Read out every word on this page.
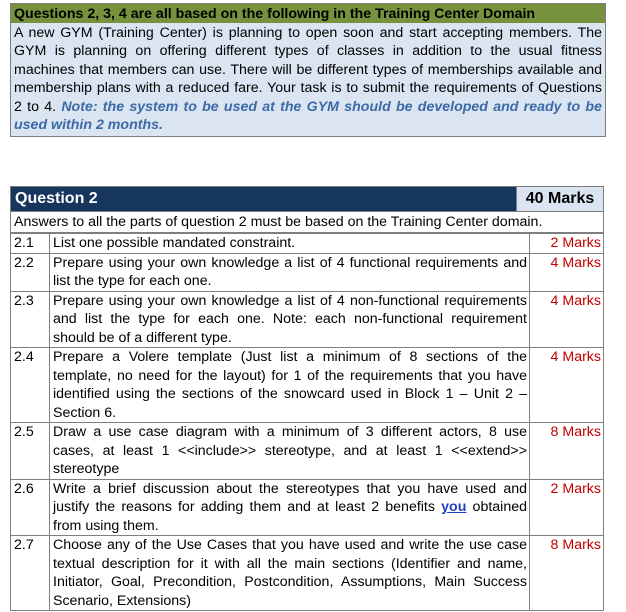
Questions 2, 3, 4 are all based on the following in the Training Center Domain
A new GYM (Training Center) is planning to open soon and start accepting members. The GYM is planning on offering different types of classes in addition to the usual fitness machines that members can use. There will be different types of memberships available and membership plans with a reduced fare. Your task is to submit the requirements of Questions 2 to 4. Note: the system to be used at the GYM should be developed and ready to be used within 2 months.
Question 2	40 Marks
Answers to all the parts of question 2 must be based on the Training Center domain.
2.1	List one possible mandated constraint.	2 Marks
2.2	Prepare using your own knowledge a list of 4 functional requirements and list the type for each one.	4 Marks
2.3	Prepare using your own knowledge a list of 4 non-functional requirements and list the type for each one. Note: each non-functional requirement should be of a different type.	4 Marks
2.4	Prepare a Volere template (Just list a minimum of 8 sections of the template, no need for the layout) for 1 of the requirements that you have identified using the sections of the snowcard used in Block 1 – Unit 2 – Section 6.	4 Marks
2.5	Draw a use case diagram with a minimum of 3 different actors, 8 use cases, at least 1 <<include>> stereotype, and at least 1 <<extend>> stereotype	8 Marks
2.6	Write a brief discussion about the stereotypes that you have used and justify the reasons for adding them and at least 2 benefits you obtained from using them.	2 Marks
2.7	Choose any of the Use Cases that you have used and write the use case textual description for it with all the main sections (Identifier and name, Initiator, Goal, Precondition, Postcondition, Assumptions, Main Success Scenario, Extensions)	8 Marks
